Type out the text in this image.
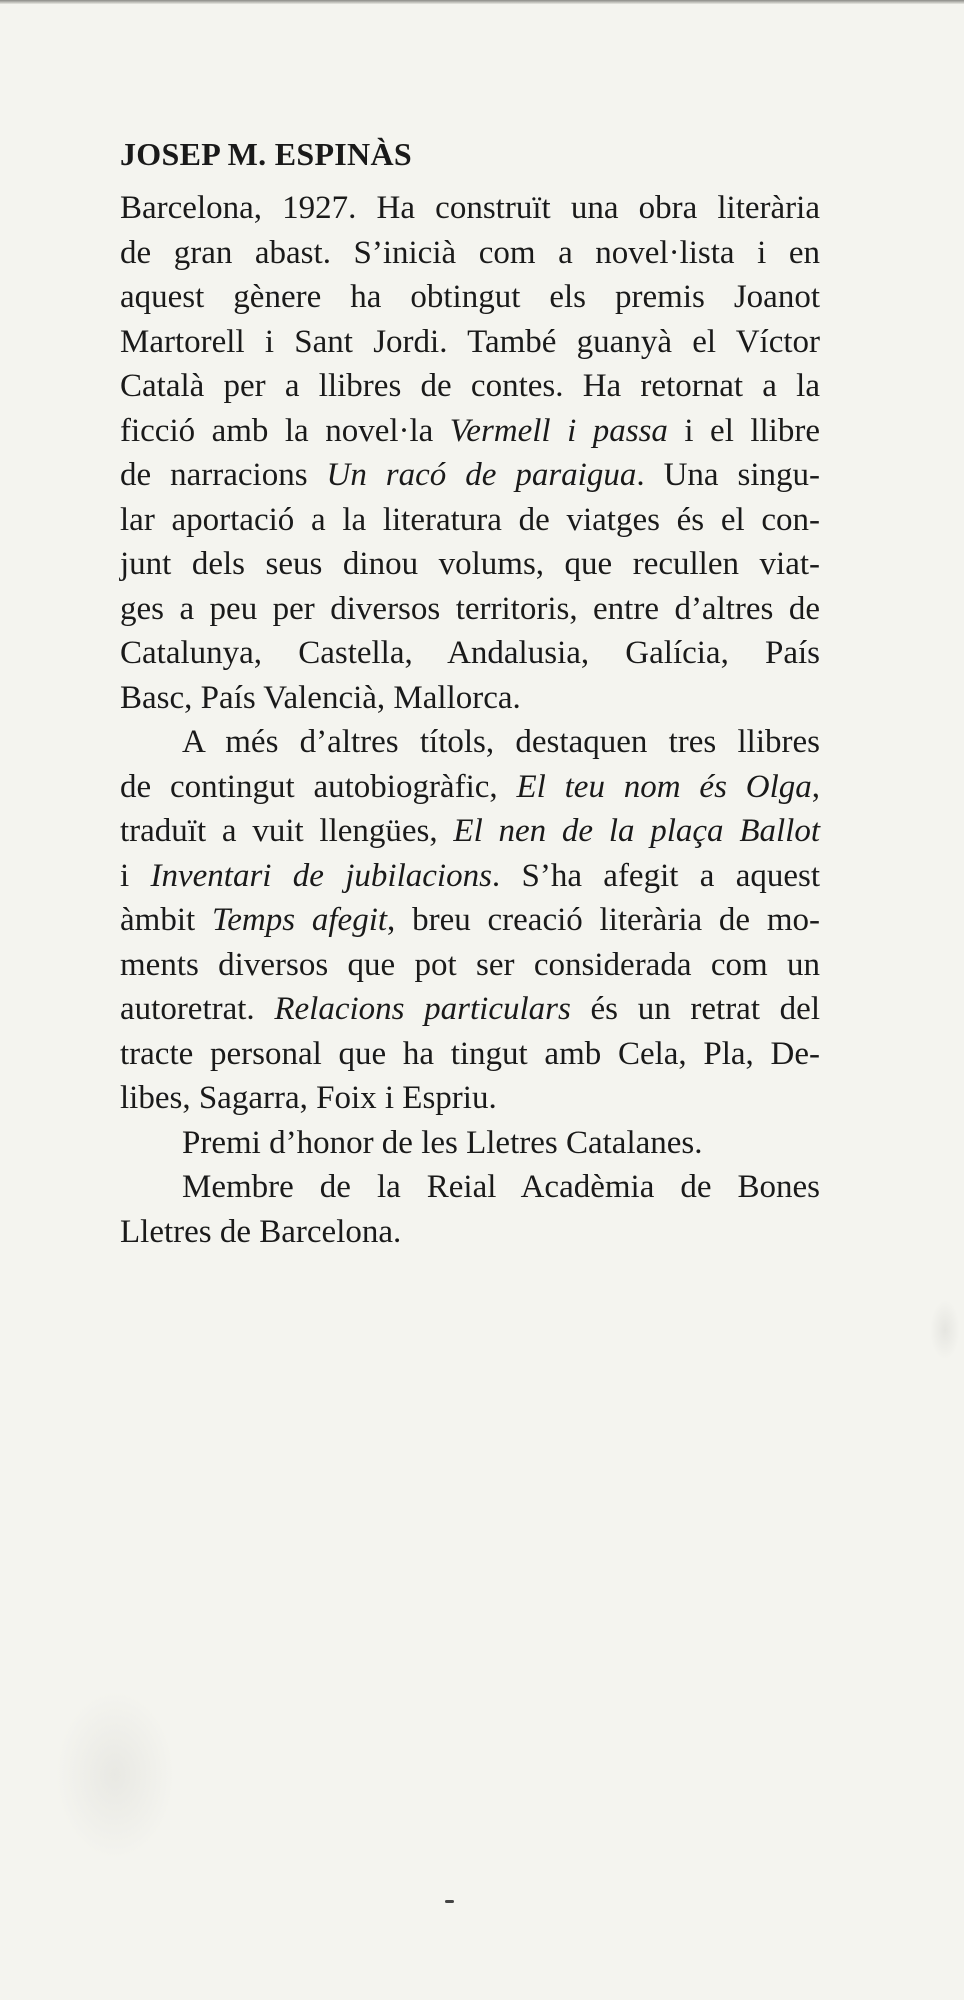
JOSEP M. ESPINÀS

Barcelona, 1927. Ha construït una obra literària
de gran abast. S’inicià com a novel·lista i en
aquest gènere ha obtingut els premis Joanot
Martorell i Sant Jordi. També guanyà el Víctor
Català per a llibres de contes. Ha retornat a la
ficció amb la novel·la Vermell i passa i el llibre
de narracions Un racó de paraigua. Una singu-
lar aportació a la literatura de viatges és el con-
junt dels seus dinou volums, que recullen viat-
ges a peu per diversos territoris, entre d’altres de
Catalunya, Castella, Andalusia, Galícia, País
Basc, País Valencià, Mallorca.

A més d’altres títols, destaquen tres llibres
de contingut autobiogràfic, El teu nom és Olga,
traduït a vuit llengües, El nen de la plaça Ballot
i Inventari de jubilacions. S’ha afegit a aquest
àmbit Temps afegit, breu creació literària de mo-
ments diversos que pot ser considerada com un
autoretrat. Relacions particulars és un retrat del
tracte personal que ha tingut amb Cela, Pla, De-
libes, Sagarra, Foix i Espriu.

Premi d’honor de les Lletres Catalanes.

Membre de la Reial Acadèmia de Bones
Lletres de Barcelona.
